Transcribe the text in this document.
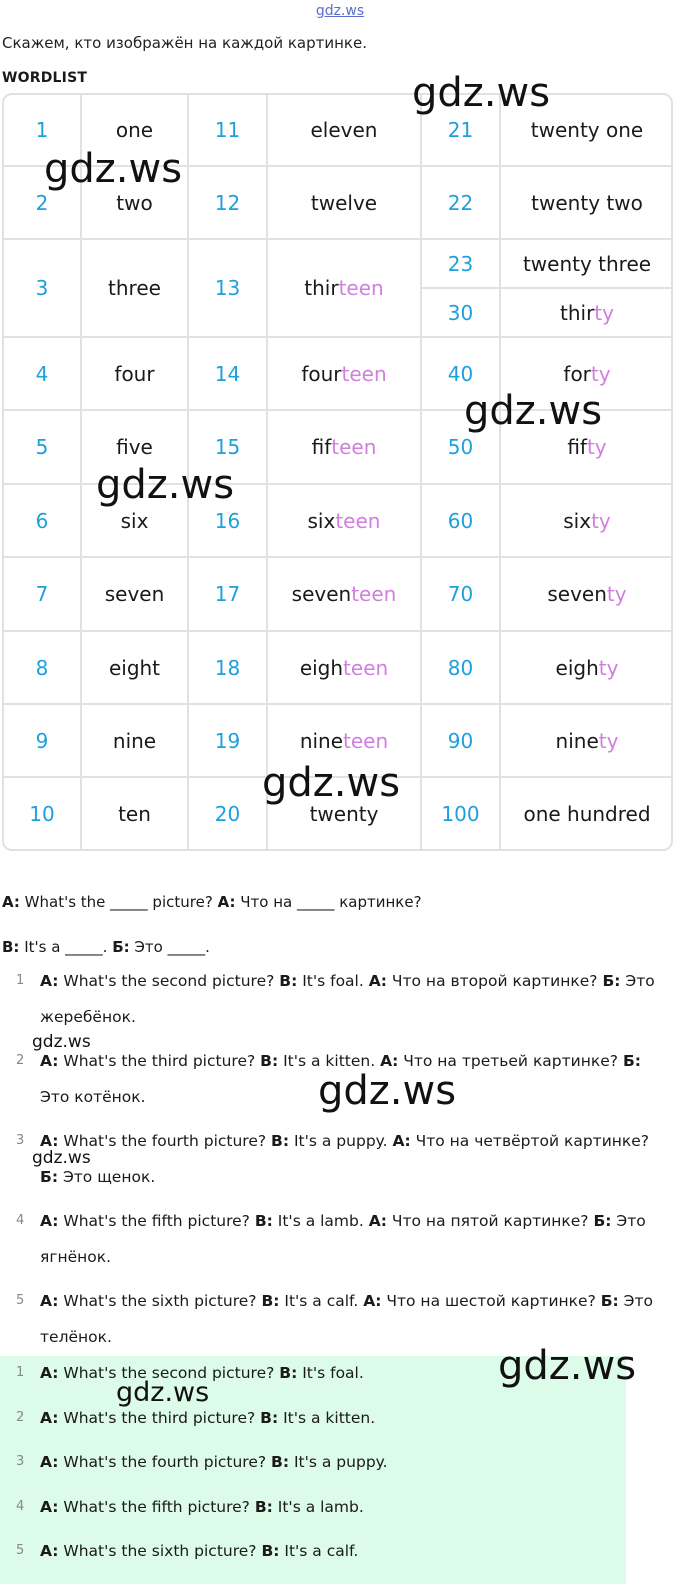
gdz.ws
Скажем, кто изображён на каждой картинке.
WORDLIST
1	one	11	eleven	21	twenty one
2	two	12	twelve	22	twenty two
3	three	13	thir teen
23	twenty three
30	thir ty
4	four	14	four teen	40	for ty
5	five	15	fif teen	50	fif ty
6	six	16	six teen	60	six ty
7	seven	17	seven teen	70	seven ty
8	eight	18	eigh teen	80	eigh ty
9	nine	19	nine teen	90	nine ty
10	ten	20	twenty	100	one hundred
A: What's the _____ picture? A: Что на _____ картинке?
B: It's a _____. Б: Это _____.
1 A: What's the second picture? B: It's foal. А: Что на второй картинке? Б: Это жеребёнок.
2 A: What's the third picture? B: It's a kitten. А: Что на третьей картинке? Б: Это котёнок.
3 A: What's the fourth picture? B: It's a puppy. А: Что на четвёртой картинке? Б: Это щенок.
4 A: What's the fifth picture? B: It's a lamb. А: Что на пятой картинке? Б: Это ягнёнок.
5 A: What's the sixth picture? B: It's a calf. А: Что на шестой картинке? Б: Это телёнок.
1 A: What's the second picture? B: It's foal.
2 A: What's the third picture? B: It's a kitten.
3 A: What's the fourth picture? B: It's a puppy.
4 A: What's the fifth picture? B: It's a lamb.
5 A: What's the sixth picture? B: It's a calf.
gdz.ws
gdz.ws
gdz.ws
gdz.ws
gdz.ws
gdz.ws
gdz.ws
gdz.ws
gdz.ws
gdz.ws
